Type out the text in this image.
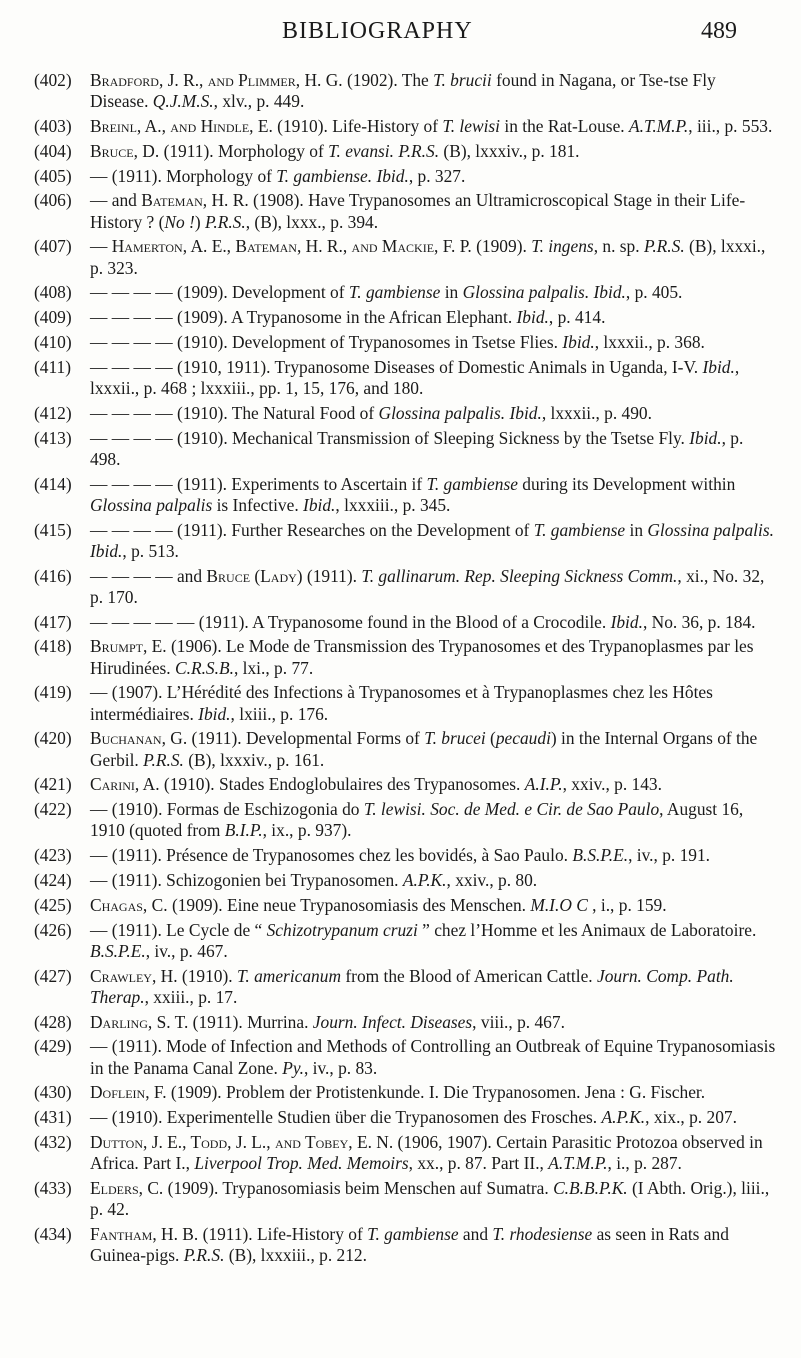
BIBLIOGRAPHY	489
(402) Bradford, J. R., and Plimmer, H. G. (1902). The T. brucii found in Nagana, or Tse-tse Fly Disease. Q.J.M.S., xlv., p. 449.
(403) Breinl, A., and Hindle, E. (1910). Life-History of T. lewisi in the Rat-Louse. A.T.M.P., iii., p. 553.
(404) Bruce, D. (1911). Morphology of T. evansi. P.R.S. (B), lxxxiv., p. 181.
(405) — (1911). Morphology of T. gambiense. Ibid., p. 327.
(406) — and Bateman, H. R. (1908). Have Trypanosomes an Ultramicroscopical Stage in their Life-History ? (No !) P.R.S., (B), lxxx., p. 394.
(407) — Hamerton, A. E., Bateman, H. R., and Mackie, F. P. (1909). T. ingens, n. sp. P.R.S. (B), lxxxi., p. 323.
(408) — — — — (1909). Development of T. gambiense in Glossina palpalis. Ibid., p. 405.
(409) — — — — (1909). A Trypanosome in the African Elephant. Ibid., p. 414.
(410) — — — — (1910). Development of Trypanosomes in Tsetse Flies. Ibid., lxxxii., p. 368.
(411) — — — — (1910, 1911). Trypanosome Diseases of Domestic Animals in Uganda, I-V. Ibid., lxxxii., p. 468 ; lxxxiii., pp. 1, 15, 176, and 180.
(412) — — — — (1910). The Natural Food of Glossina palpalis. Ibid., lxxxii., p. 490.
(413) — — — — (1910). Mechanical Transmission of Sleeping Sickness by the Tsetse Fly. Ibid., p. 498.
(414) — — — — (1911). Experiments to Ascertain if T. gambiense during its Development within Glossina palpalis is Infective. Ibid., lxxxiii., p. 345.
(415) — — — — (1911). Further Researches on the Development of T. gambiense in Glossina palpalis. Ibid., p. 513.
(416) — — — — and Bruce (Lady) (1911). T. gallinarum. Rep. Sleeping Sickness Comm., xi., No. 32, p. 170.
(417) — — — — — (1911). A Trypanosome found in the Blood of a Crocodile. Ibid., No. 36, p. 184.
(418) Brumpt, E. (1906). Le Mode de Transmission des Trypanosomes et des Trypanoplasmes par les Hirudinées. C.R.S.B., lxi., p. 77.
(419) — (1907). L’Hérédité des Infections à Trypanosomes et à Trypanoplasmes chez les Hôtes intermédiaires. Ibid., lxiii., p. 176.
(420) Buchanan, G. (1911). Developmental Forms of T. brucei (pecaudi) in the Internal Organs of the Gerbil. P.R.S. (B), lxxxiv., p. 161.
(421) Carini, A. (1910). Stades Endoglobulaires des Trypanosomes. A.I.P., xxiv., p. 143.
(422) — (1910). Formas de Eschizogonia do T. lewisi. Soc. de Med. e Cir. de Sao Paulo, August 16, 1910 (quoted from B.I.P., ix., p. 937).
(423) — (1911). Présence de Trypanosomes chez les bovidés, à Sao Paulo. B.S.P.E., iv., p. 191.
(424) — (1911). Schizogonien bei Trypanosomen. A.P.K., xxiv., p. 80.
(425) Chagas, C. (1909). Eine neue Trypanosomiasis des Menschen. M.I.O C , i., p. 159.
(426) — (1911). Le Cycle de “ Schizotrypanum cruzi ” chez l’Homme et les Animaux de Laboratoire. B.S.P.E., iv., p. 467.
(427) Crawley, H. (1910). T. americanum from the Blood of American Cattle. Journ. Comp. Path. Therap., xxiii., p. 17.
(428) Darling, S. T. (1911). Murrina. Journ. Infect. Diseases, viii., p. 467.
(429) — (1911). Mode of Infection and Methods of Controlling an Outbreak of Equine Trypanosomiasis in the Panama Canal Zone. Py., iv., p. 83.
(430) Doflein, F. (1909). Problem der Protistenkunde. I. Die Trypanosomen. Jena : G. Fischer.
(431) — (1910). Experimentelle Studien über die Trypanosomen des Frosches. A.P.K., xix., p. 207.
(432) Dutton, J. E., Todd, J. L., and Tobey, E. N. (1906, 1907). Certain Parasitic Protozoa observed in Africa. Part I., Liverpool Trop. Med. Memoirs, xx., p. 87. Part II., A.T.M.P., i., p. 287.
(433) Elders, C. (1909). Trypanosomiasis beim Menschen auf Sumatra. C.B.B.P.K. (I Abth. Orig.), liii., p. 42.
(434) Fantham, H. B. (1911). Life-History of T. gambiense and T. rhodesiense as seen in Rats and Guinea-pigs. P.R.S. (B), lxxxiii., p. 212.
